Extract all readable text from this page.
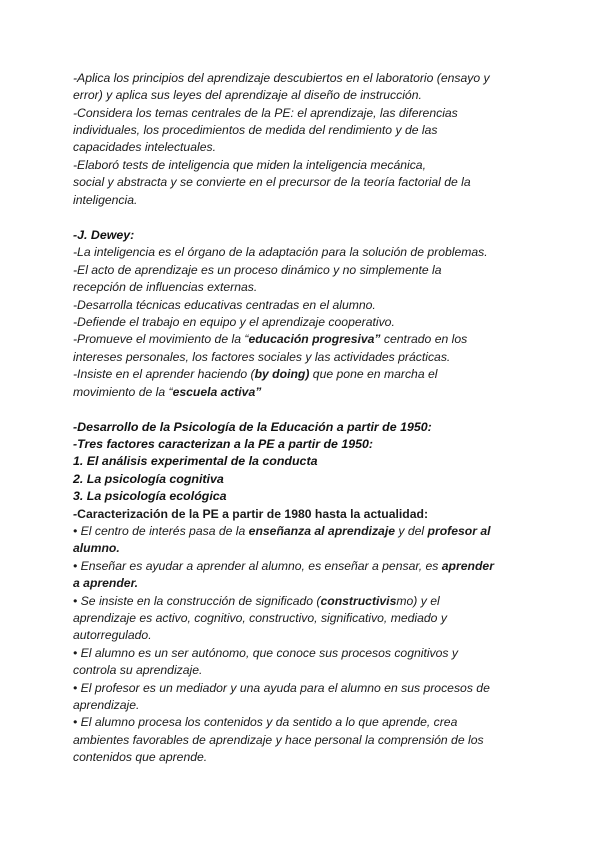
-Aplica los principios del aprendizaje descubiertos en el laboratorio (ensayo y
error) y aplica sus leyes del aprendizaje al diseño de instrucción.
-Considera los temas centrales de la PE: el aprendizaje, las diferencias
individuales, los procedimientos de medida del rendimiento y de las
capacidades intelectuales.
-Elaboró tests de inteligencia que miden la inteligencia mecánica,
social y abstracta y se convierte en el precursor de la teoría factorial de la
inteligencia.
-J. Dewey:
-La inteligencia es el órgano de la adaptación para la solución de problemas.
-El acto de aprendizaje es un proceso dinámico y no simplemente la
recepción de influencias externas.
-Desarrolla técnicas educativas centradas en el alumno.
-Defiende el trabajo en equipo y el aprendizaje cooperativo.
-Promueve el movimiento de la “educación progresiva” centrado en los
intereses personales, los factores sociales y las actividades prácticas.
-Insiste en el aprender haciendo (by doing) que pone en marcha el
movimiento de la “escuela activa”
-Desarrollo de la Psicología de la Educación a partir de 1950:
-Tres factores caracterizan a la PE a partir de 1950:
1. El análisis experimental de la conducta
2. La psicología cognitiva
3. La psicología ecológica
-Caracterización de la PE a partir de 1980 hasta la actualidad:
• El centro de interés pasa de la enseñanza al aprendizaje y del profesor al
alumno.
• Enseñar es ayudar a aprender al alumno, es enseñar a pensar, es aprender
a aprender.
• Se insiste en la construcción de significado (constructivismo) y el
aprendizaje es activo, cognitivo, constructivo, significativo, mediado y
autorregulado.
• El alumno es un ser autónomo, que conoce sus procesos cognitivos y
controla su aprendizaje.
• El profesor es un mediador y una ayuda para el alumno en sus procesos de
aprendizaje.
• El alumno procesa los contenidos y da sentido a lo que aprende, crea
ambientes favorables de aprendizaje y hace personal la comprensión de los
contenidos que aprende.
